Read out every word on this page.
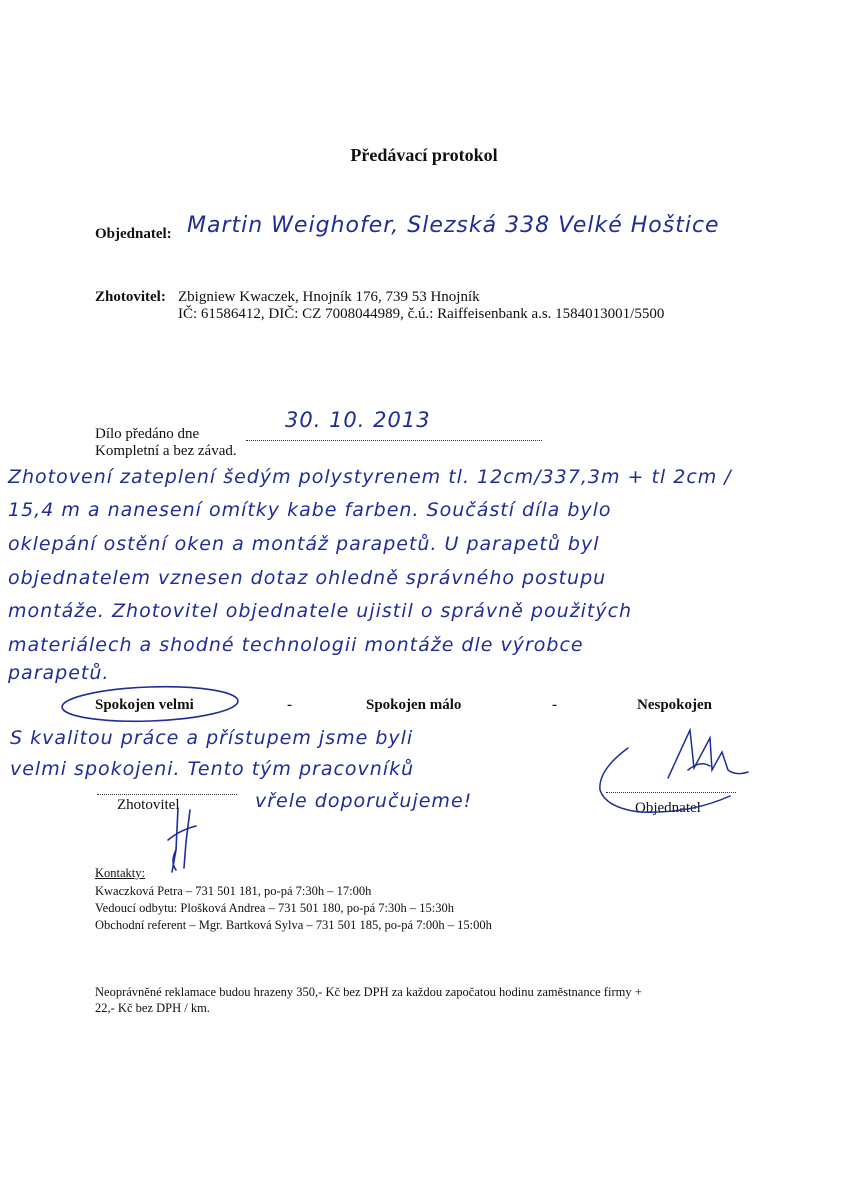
Předávací protokol
Objednatel: Martin Weighofer, Slezská 338 Velké Hoštice
Zhotovitel: Zbigniew Kwaczek, Hnojník 176, 739 53 Hnojník
IČ: 61586412, DIČ: CZ 7008044989, č.ú.: Raiffeisenbank a.s. 1584013001/5500
Dílo předáno dne
30. 10. 2013
Kompletní a bez závad.
Zhotovení zateplení šedým polystyrenem tl. 12cm/337,3m + tl 2cm /
15,4 m a nanesení omítky kabe farben. Součástí díla bylo
oklepání ostění oken a montáž parapetů. U parapetů byl
objednatelem vznesen dotaz ohledně správného postupu
montáže. Zhotovitel objednatele ujistil o správně použitých
materiálech a shodné technologii montáže dle výrobce
parapetů.
Spokojen velmi	-	Spokojen málo	-	Nespokojen
S kvalitou práce a přístupem jsme byli
velmi spokojeni. Tento tým pracovníků
vřele doporučujeme!
Zhotovitel	Objednatel
Kontakty:
Kwaczková Petra – 731 501 181, po-pá 7:30h – 17:00h
Vedoucí odbytu: Plošková Andrea – 731 501 180, po-pá 7:30h – 15:30h
Obchodní referent – Mgr. Bartková Sylva – 731 501 185, po-pá 7:00h – 15:00h
Neoprávněné reklamace budou hrazeny 350,- Kč bez DPH za každou započatou hodinu zaměstnance firmy +
22,- Kč bez DPH / km.
